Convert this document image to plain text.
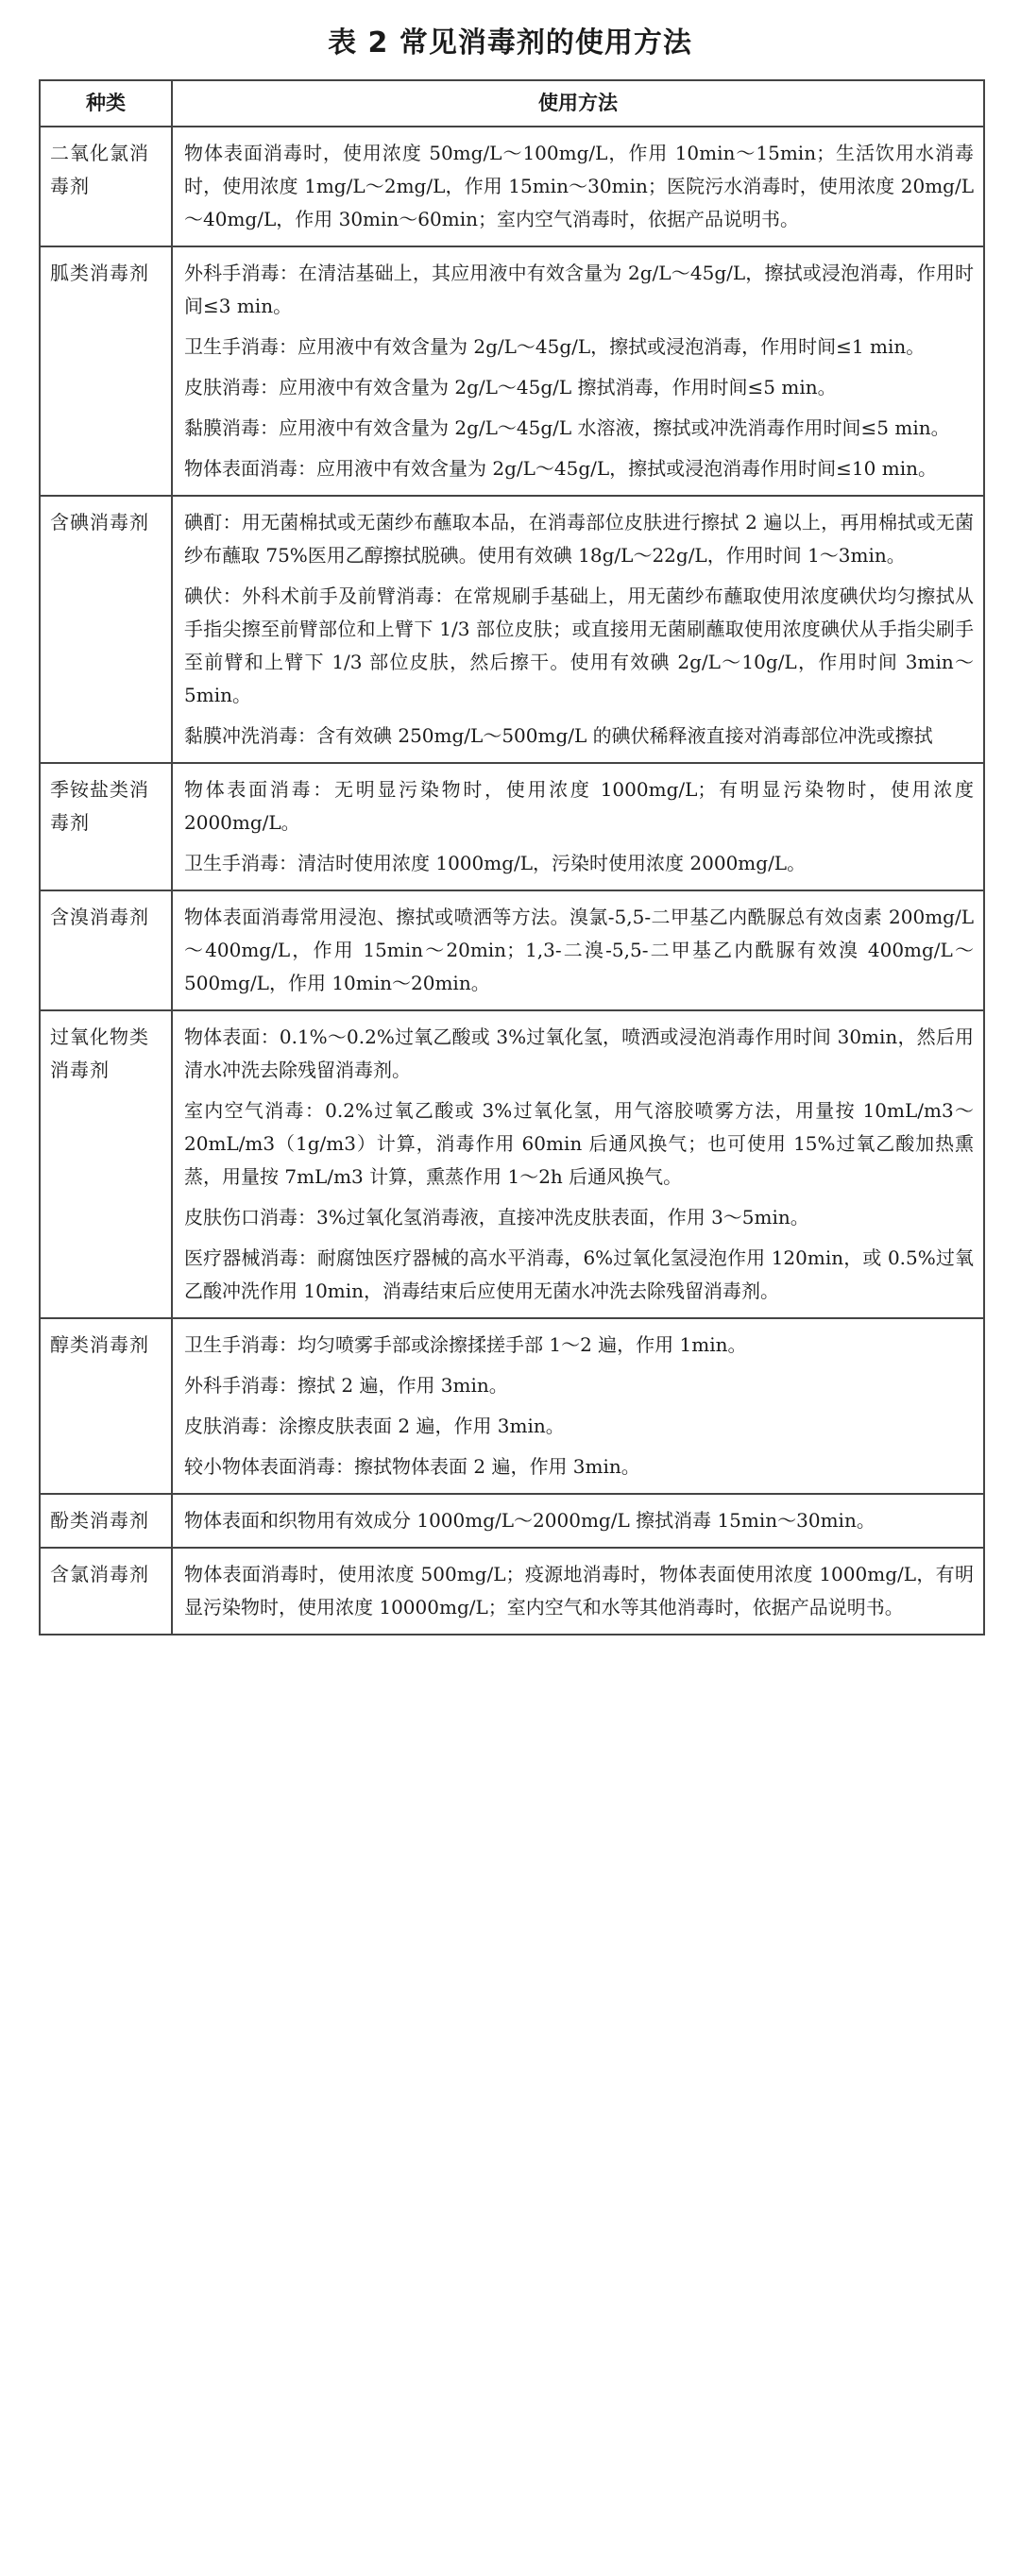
表 2 常见消毒剂的使用方法
种类	使用方法
二氧化氯消毒剂	物体表面消毒时，使用浓度 50mg/L～100mg/L，作用 10min～15min；生活饮用水消毒时，使用浓度 1mg/L～2mg/L，作用 15min～30min；医院污水消毒时，使用浓度 20mg/L～40mg/L，作用 30min～60min；室内空气消毒时，依据产品说明书。

胍类消毒剂	外科手消毒：在清洁基础上，其应用液中有效含量为 2g/L～45g/L，擦拭或浸泡消毒，作用时间≤3 min。

卫生手消毒：应用液中有效含量为 2g/L～45g/L，擦拭或浸泡消毒，作用时间≤1 min。

皮肤消毒：应用液中有效含量为 2g/L～45g/L 擦拭消毒，作用时间≤5 min。

黏膜消毒：应用液中有效含量为 2g/L～45g/L 水溶液，擦拭或冲洗消毒作用时间≤5 min。

物体表面消毒：应用液中有效含量为 2g/L～45g/L，擦拭或浸泡消毒作用时间≤10 min。

含碘消毒剂	碘酊：用无菌棉拭或无菌纱布蘸取本品，在消毒部位皮肤进行擦拭 2 遍以上，再用棉拭或无菌纱布蘸取 75%医用乙醇擦拭脱碘。使用有效碘 18g/L～22g/L，作用时间 1～3min。

碘伏：外科术前手及前臂消毒：在常规刷手基础上，用无菌纱布蘸取使用浓度碘伏均匀擦拭从手指尖擦至前臂部位和上臂下 1/3 部位皮肤；或直接用无菌刷蘸取使用浓度碘伏从手指尖刷手至前臂和上臂下 1/3 部位皮肤，然后擦干。使用有效碘 2g/L～10g/L，作用时间 3min～5min。

黏膜冲洗消毒：含有效碘 250mg/L～500mg/L 的碘伏稀释液直接对消毒部位冲洗或擦拭

季铵盐类消毒剂	物体表面消毒：无明显污染物时，使用浓度 1000mg/L；有明显污染物时，使用浓度 2000mg/L。

卫生手消毒：清洁时使用浓度 1000mg/L，污染时使用浓度 2000mg/L。

含溴消毒剂	物体表面消毒常用浸泡、擦拭或喷洒等方法。溴氯-5,5-二甲基乙内酰脲总有效卤素 200mg/L～400mg/L，作用 15min～20min；1,3-二溴-5,5-二甲基乙内酰脲有效溴 400mg/L～500mg/L，作用 10min～20min。

过氧化物类消毒剂	物体表面：0.1%～0.2%过氧乙酸或 3%过氧化氢，喷洒或浸泡消毒作用时间 30min，然后用清水冲洗去除残留消毒剂。

室内空气消毒：0.2%过氧乙酸或 3%过氧化氢，用气溶胶喷雾方法，用量按 10mL/m3～20mL/m3（1g/m3）计算，消毒作用 60min 后通风换气；也可使用 15%过氧乙酸加热熏蒸，用量按 7mL/m3 计算，熏蒸作用 1～2h 后通风换气。

皮肤伤口消毒：3%过氧化氢消毒液，直接冲洗皮肤表面，作用 3～5min。

医疗器械消毒：耐腐蚀医疗器械的高水平消毒，6%过氧化氢浸泡作用 120min，或 0.5%过氧乙酸冲洗作用 10min，消毒结束后应使用无菌水冲洗去除残留消毒剂。

醇类消毒剂	卫生手消毒：均匀喷雾手部或涂擦揉搓手部 1～2 遍，作用 1min。

外科手消毒：擦拭 2 遍，作用 3min。

皮肤消毒：涂擦皮肤表面 2 遍，作用 3min。

较小物体表面消毒：擦拭物体表面 2 遍，作用 3min。

酚类消毒剂	物体表面和织物用有效成分 1000mg/L～2000mg/L 擦拭消毒 15min～30min。

含氯消毒剂	物体表面消毒时，使用浓度 500mg/L；疫源地消毒时，物体表面使用浓度 1000mg/L，有明显污染物时，使用浓度 10000mg/L；室内空气和水等其他消毒时，依据产品说明书。
